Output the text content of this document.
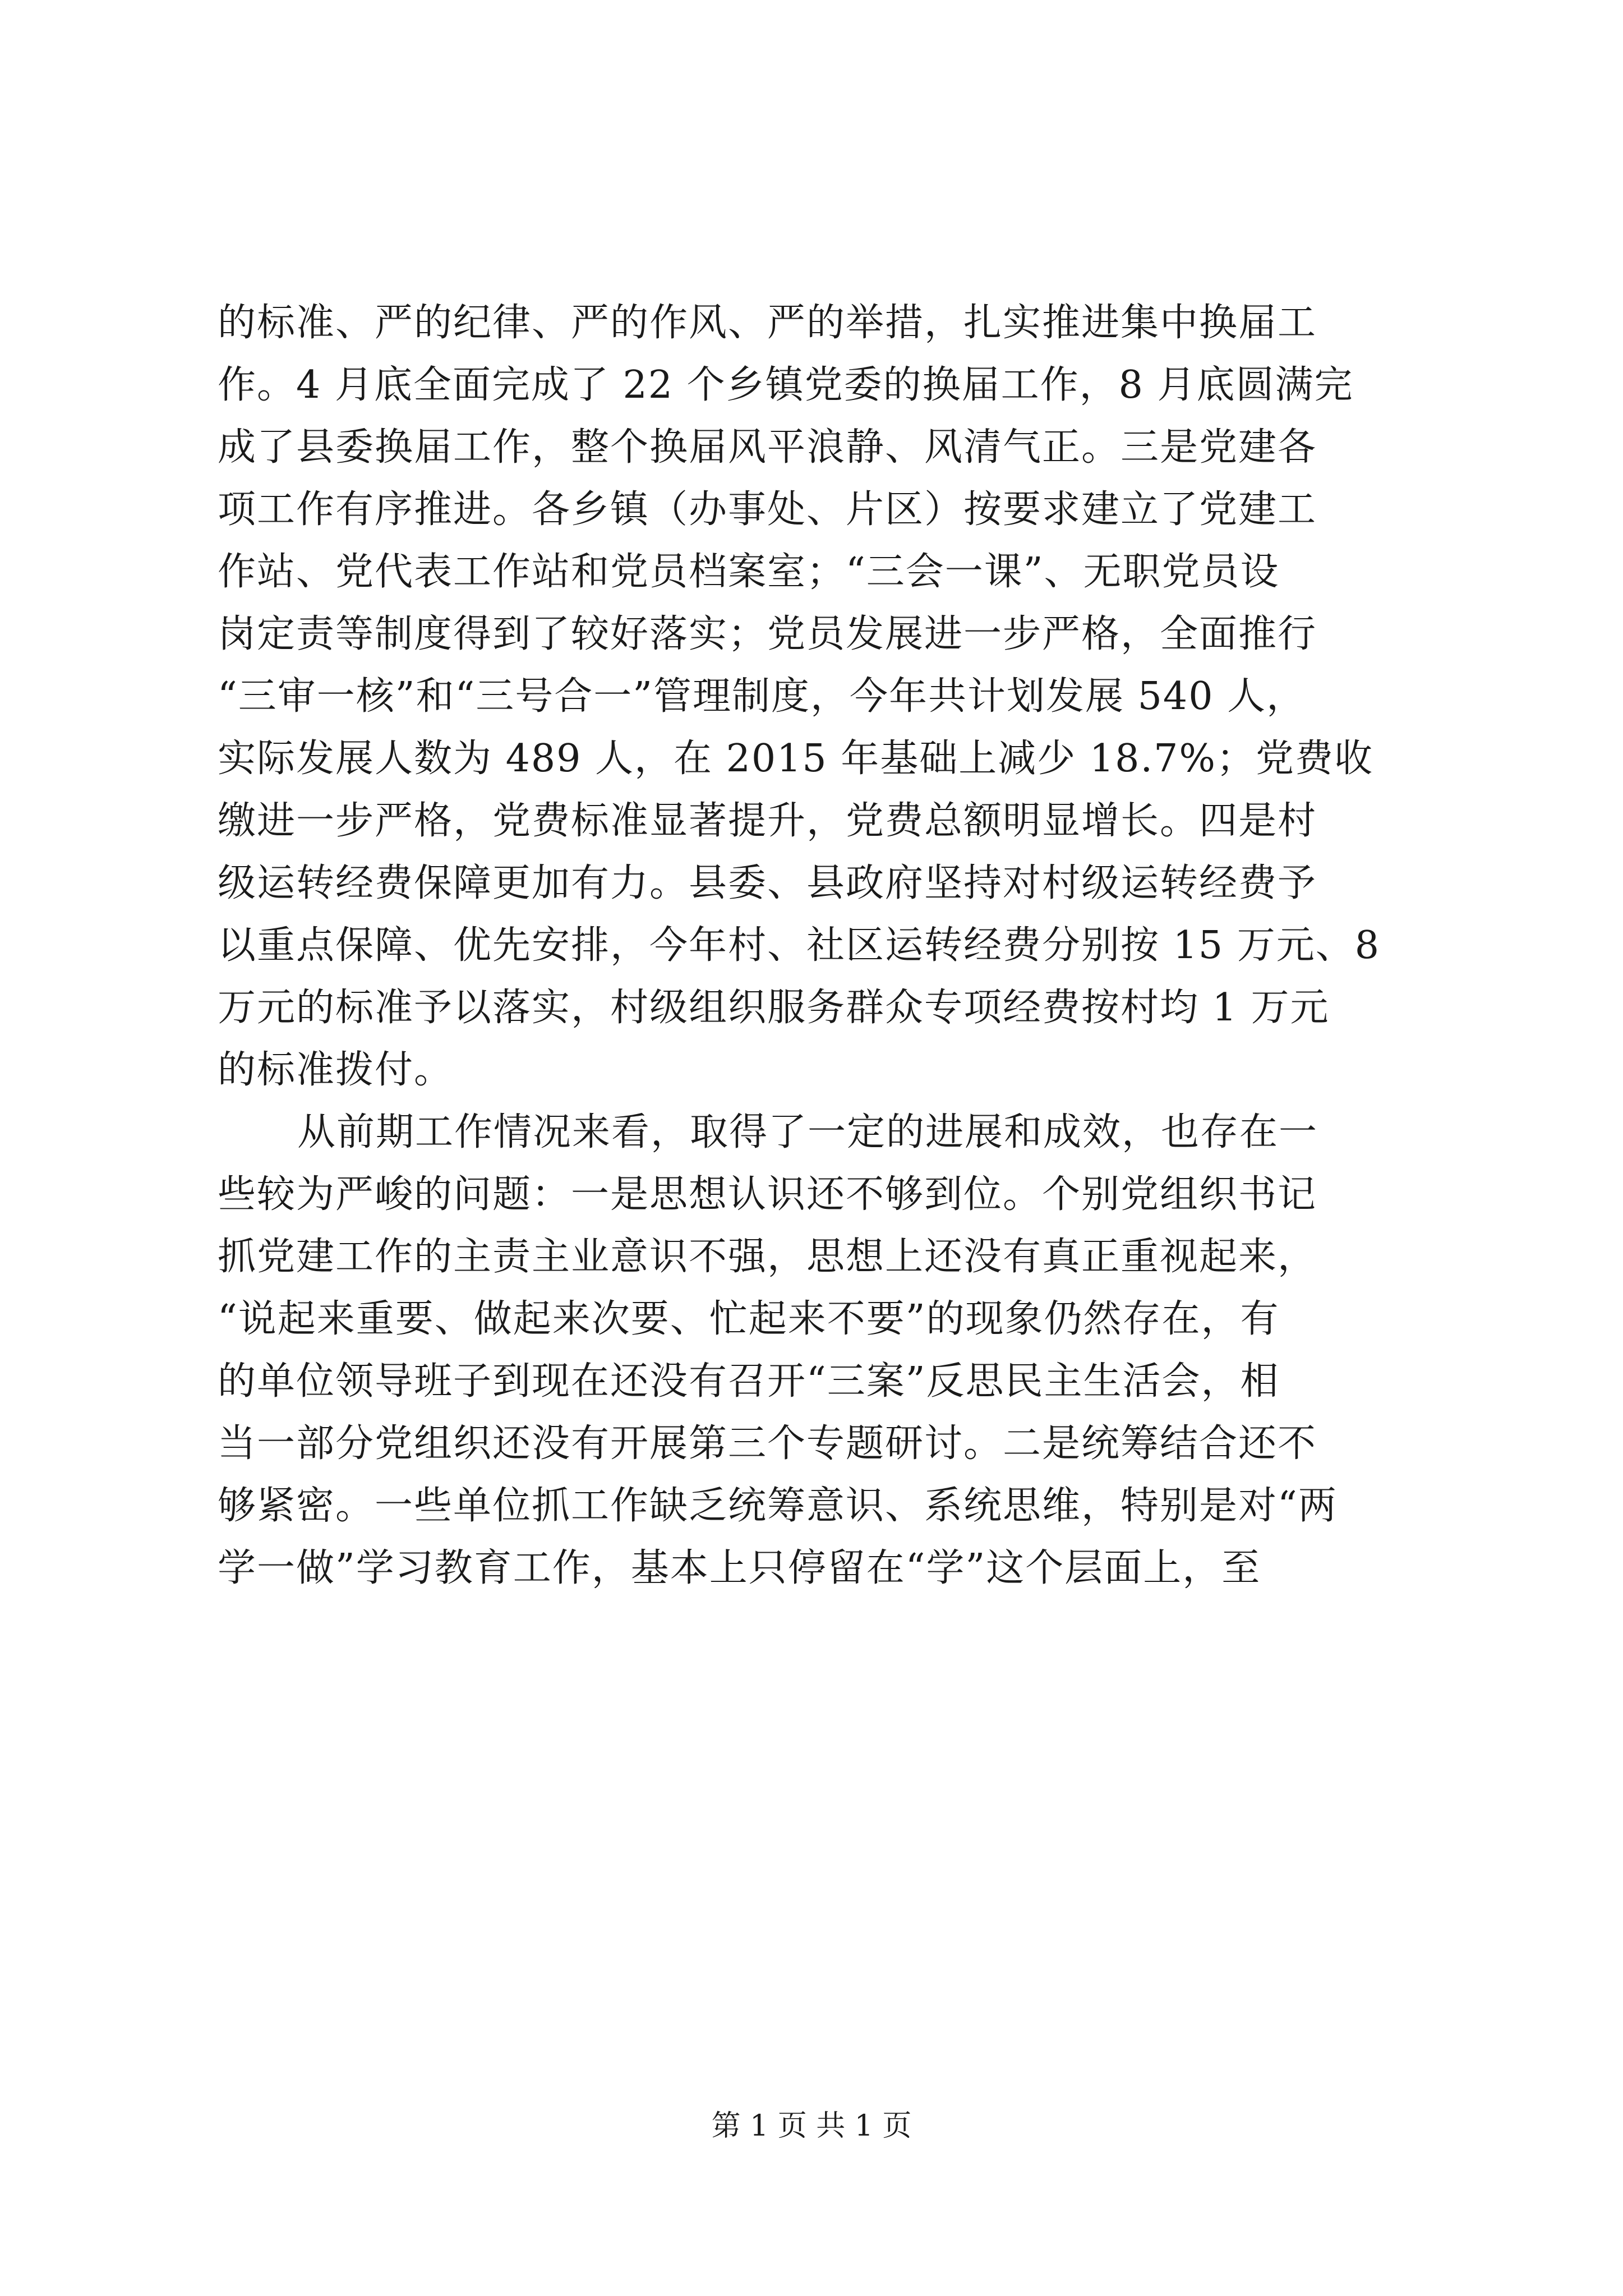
的标准、严的纪律、严的作风、严的举措，扎实推进集中换届工
作。4 月底全面完成了 22 个乡镇党委的换届工作，8 月底圆满完
成了县委换届工作，整个换届风平浪静、风清气正。三是党建各
项工作有序推进。各乡镇（办事处、片区）按要求建立了党建工
作站、党代表工作站和党员档案室；“三会一课”、无职党员设
岗定责等制度得到了较好落实；党员发展进一步严格，全面推行
“三审一核”和“三号合一”管理制度，今年共计划发展 540 人，
实际发展人数为 489 人，在 2015 年基础上减少 18.7%；党费收
缴进一步严格，党费标准显著提升，党费总额明显增长。四是村
级运转经费保障更加有力。县委、县政府坚持对村级运转经费予
以重点保障、优先安排，今年村、社区运转经费分别按 15 万元、8
万元的标准予以落实，村级组织服务群众专项经费按村均 1 万元
的标准拨付。
从前期工作情况来看，取得了一定的进展和成效，也存在一
些较为严峻的问题：一是思想认识还不够到位。个别党组织书记
抓党建工作的主责主业意识不强，思想上还没有真正重视起来，
“说起来重要、做起来次要、忙起来不要”的现象仍然存在，有
的单位领导班子到现在还没有召开“三案”反思民主生活会，相
当一部分党组织还没有开展第三个专题研讨。二是统筹结合还不
够紧密。一些单位抓工作缺乏统筹意识、系统思维，特别是对“两
学一做”学习教育工作，基本上只停留在“学”这个层面上，至
第 1 页 共 1 页
